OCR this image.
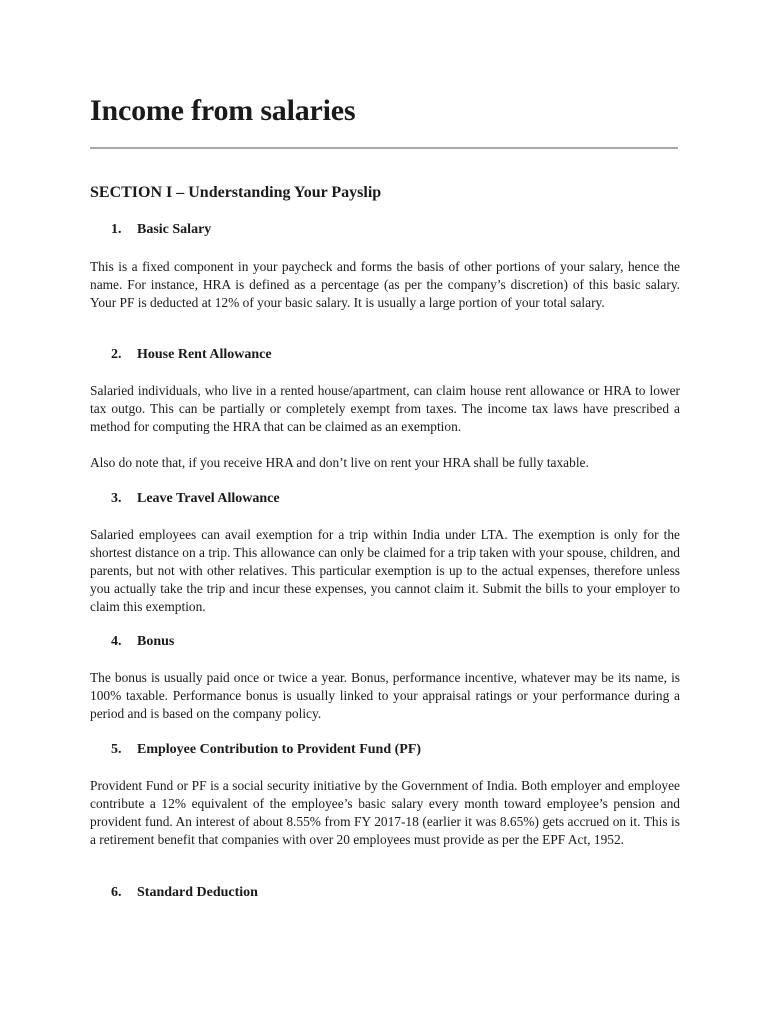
Income from salaries
SECTION I – Understanding Your Payslip
1. Basic Salary

This is a fixed component in your paycheck and forms the basis of other portions of your salary, hence the name. For instance, HRA is defined as a percentage (as per the company’s discretion) of this basic salary. Your PF is deducted at 12% of your basic salary. It is usually a large portion of your total salary.

2. House Rent Allowance

Salaried individuals, who live in a rented house/apartment, can claim house rent allowance or HRA to lower tax outgo. This can be partially or completely exempt from taxes. The income tax laws have prescribed a method for computing the HRA that can be claimed as an exemption.

Also do note that, if you receive HRA and don’t live on rent your HRA shall be fully taxable.

3. Leave Travel Allowance

Salaried employees can avail exemption for a trip within India under LTA. The exemption is only for the shortest distance on a trip. This allowance can only be claimed for a trip taken with your spouse, children, and parents, but not with other relatives. This particular exemption is up to the actual expenses, therefore unless you actually take the trip and incur these expenses, you cannot claim it. Submit the bills to your employer to claim this exemption.

4. Bonus

The bonus is usually paid once or twice a year. Bonus, performance incentive, whatever may be its name, is 100% taxable. Performance bonus is usually linked to your appraisal ratings or your performance during a period and is based on the company policy.

5. Employee Contribution to Provident Fund (PF)

Provident Fund or PF is a social security initiative by the Government of India. Both employer and employee contribute a 12% equivalent of the employee’s basic salary every month toward employee’s pension and provident fund. An interest of about 8.55% from FY 2017-18 (earlier it was 8.65%) gets accrued on it. This is a retirement benefit that companies with over 20 employees must provide as per the EPF Act, 1952.

6. Standard Deduction
